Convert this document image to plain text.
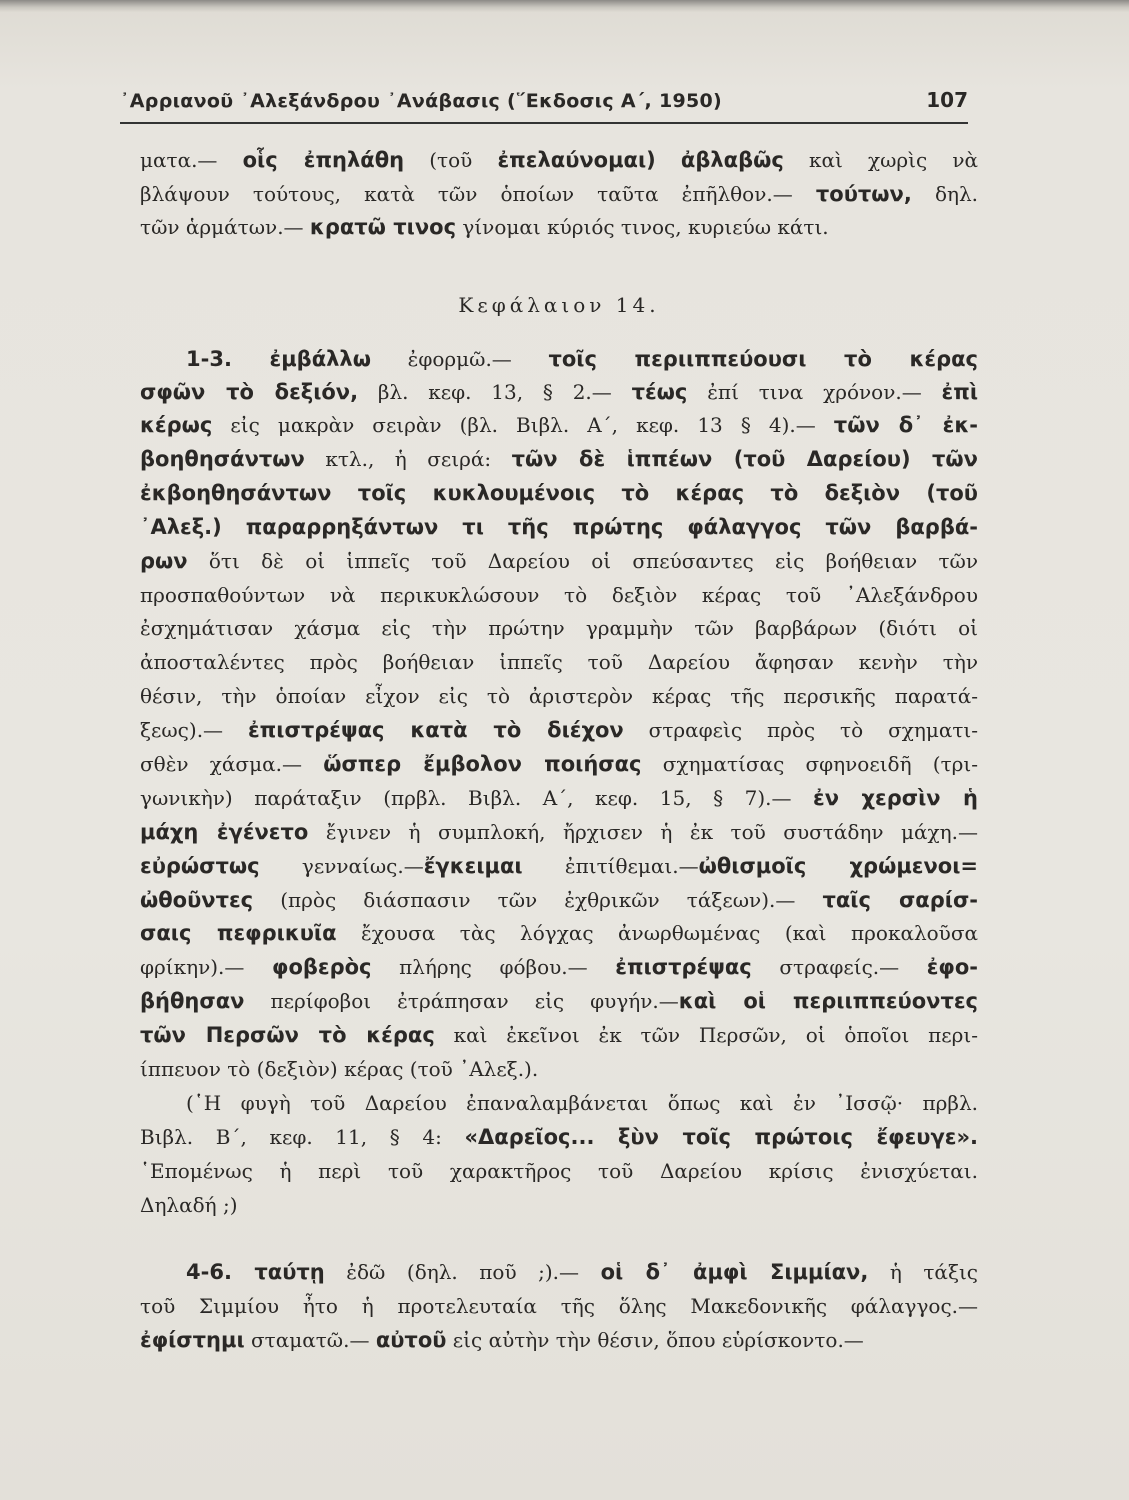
᾿Αρριανοῦ ᾿Αλεξάνδρου ᾿Ανάβασις (῞Εκδοσις Α΄, 1950)	107
Κεφάλαιον 14.
ματα.— οἷς ἐπηλάθη (τοῦ ἐπελαύνομαι) ἀβλαβῶς καὶ χωρὶς νὰ
βλάψουν τούτους, κατὰ τῶν ὁποίων ταῦτα ἐπῆλθον.— τούτων, δηλ.
τῶν ἁρμάτων.— κρατῶ τινος γίνομαι κύριός τινος, κυριεύω κάτι.
1-3. ἐμβάλλω ἐφορμῶ.— τοῖς περιιππεύουσι τὸ κέρας
σφῶν τὸ δεξιόν, βλ. κεφ. 13, § 2.— τέως ἐπί τινα χρόνον.— ἐπὶ
κέρως εἰς μακρὰν σειρὰν (βλ. Βιβλ. Α΄, κεφ. 13 § 4).— τῶν δ᾿ ἐκ-
βοηθησάντων κτλ., ἡ σειρά: τῶν δὲ ἱππέων (τοῦ Δαρείου) τῶν
ἐκβοηθησάντων τοῖς κυκλουμένοις τὸ κέρας τὸ δεξιὸν (τοῦ
᾿Αλεξ.) παραρρηξάντων τι τῆς πρώτης φάλαγγος τῶν βαρβά-
ρων ὅτι δὲ οἱ ἱππεῖς τοῦ Δαρείου οἱ σπεύσαντες εἰς βοήθειαν τῶν
προσπαθούντων νὰ περικυκλώσουν τὸ δεξιὸν κέρας τοῦ ᾿Αλεξάνδρου
ἐσχημάτισαν χάσμα εἰς τὴν πρώτην γραμμὴν τῶν βαρβάρων (διότι οἱ
ἀποσταλέντες πρὸς βοήθειαν ἱππεῖς τοῦ Δαρείου ἄφησαν κενὴν τὴν
θέσιν, τὴν ὁποίαν εἶχον εἰς τὸ ἀριστερὸν κέρας τῆς περσικῆς παρατά-
ξεως).— ἐπιστρέψας κατὰ τὸ διέχον στραφεὶς πρὸς τὸ σχηματι-
σθὲν χάσμα.— ὥσπερ ἔμβολον ποιήσας σχηματίσας σφηνοειδῆ (τρι-
γωνικὴν) παράταξιν (πρβλ. Βιβλ. Α΄, κεφ. 15, § 7).— ἐν χερσὶν ἡ
μάχη ἐγένετο ἔγινεν ἡ συμπλοκή, ἤρχισεν ἡ ἐκ τοῦ συστάδην μάχη.—
εὐρώστως γενναίως.—ἔγκειμαι ἐπιτίθεμαι.—ὠθισμοῖς χρώμενοι=
ὠθοῦντες (πρὸς διάσπασιν τῶν ἐχθρικῶν τάξεων).— ταῖς σαρίσ-
σαις πεφρικυῖα ἔχουσα τὰς λόγχας ἀνωρθωμένας (καὶ προκαλοῦσα
φρίκην).— φοβερὸς πλήρης φόβου.— ἐπιστρέψας στραφείς.— ἐφο-
βήθησαν περίφοβοι ἐτράπησαν εἰς φυγήν.—καὶ οἱ περιιππεύοντες
τῶν Περσῶν τὸ κέρας καὶ ἐκεῖνοι ἐκ τῶν Περσῶν, οἱ ὁποῖοι περι-
ίππευον τὸ (δεξιὸν) κέρας (τοῦ ᾿Αλεξ.).
(῾Η φυγὴ τοῦ Δαρείου ἐπαναλαμβάνεται ὅπως καὶ ἐν ᾿Ισσῷ· πρβλ.
Βιβλ. Β΄, κεφ. 11, § 4: «Δαρεῖος... ξὺν τοῖς πρώτοις ἔφευγε».
῾Επομένως ἡ περὶ τοῦ χαρακτῆρος τοῦ Δαρείου κρίσις ἐνισχύεται.
Δηλαδή ;)
4-6. ταύτῃ ἐδῶ (δηλ. ποῦ ;).— οἱ δ᾿ ἀμφὶ Σιμμίαν, ἡ τάξις
τοῦ Σιμμίου ἦτο ἡ προτελευταία τῆς ὅλης Μακεδονικῆς φάλαγγος.—
ἐφίστημι σταματῶ.— αὐτοῦ εἰς αὐτὴν τὴν θέσιν, ὅπου εὑρίσκοντο.—
